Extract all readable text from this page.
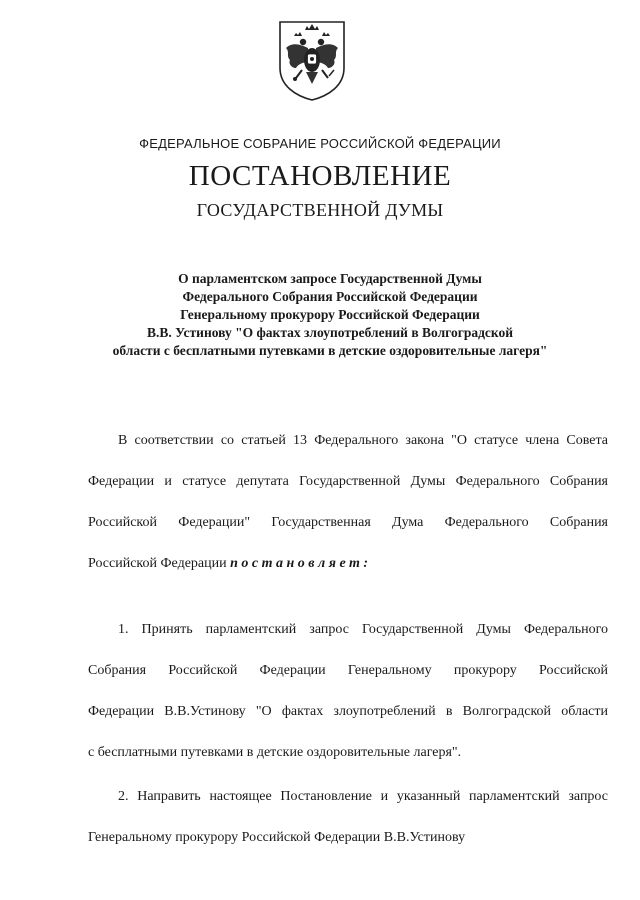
ФЕДЕРАЛЬНОЕ СОБРАНИЕ РОССИЙСКОЙ ФЕДЕРАЦИИ
ПОСТАНОВЛЕНИЕ
ГОСУДАРСТВЕННОЙ ДУМЫ
О парламентском запросе Государственной Думы
Федерального Собрания Российской Федерации
Генеральному прокурору Российской Федерации
В.В. Устинову "О фактах злоупотреблений в Волгоградской
области с бесплатными путевками в детские оздоровительные лагеря"
В соответствии со статьей 13 Федерального закона "О статусе члена Совета
Федерации и статусе депутата Государственной Думы Федерального Собрания
Российской Федерации" Государственная Дума Федерального Собрания
Российской Федерации постановляет:
1. Принять парламентский запрос Государственной Думы Федерального
Собрания Российской Федерации Генеральному прокурору Российской
Федерации В.В.Устинову "О фактах злоупотреблений в Волгоградской области
с бесплатными путевками в детские оздоровительные лагеря".
2. Направить настоящее Постановление и указанный парламентский запрос
Генеральному прокурору Российской Федерации В.В.Устинову
